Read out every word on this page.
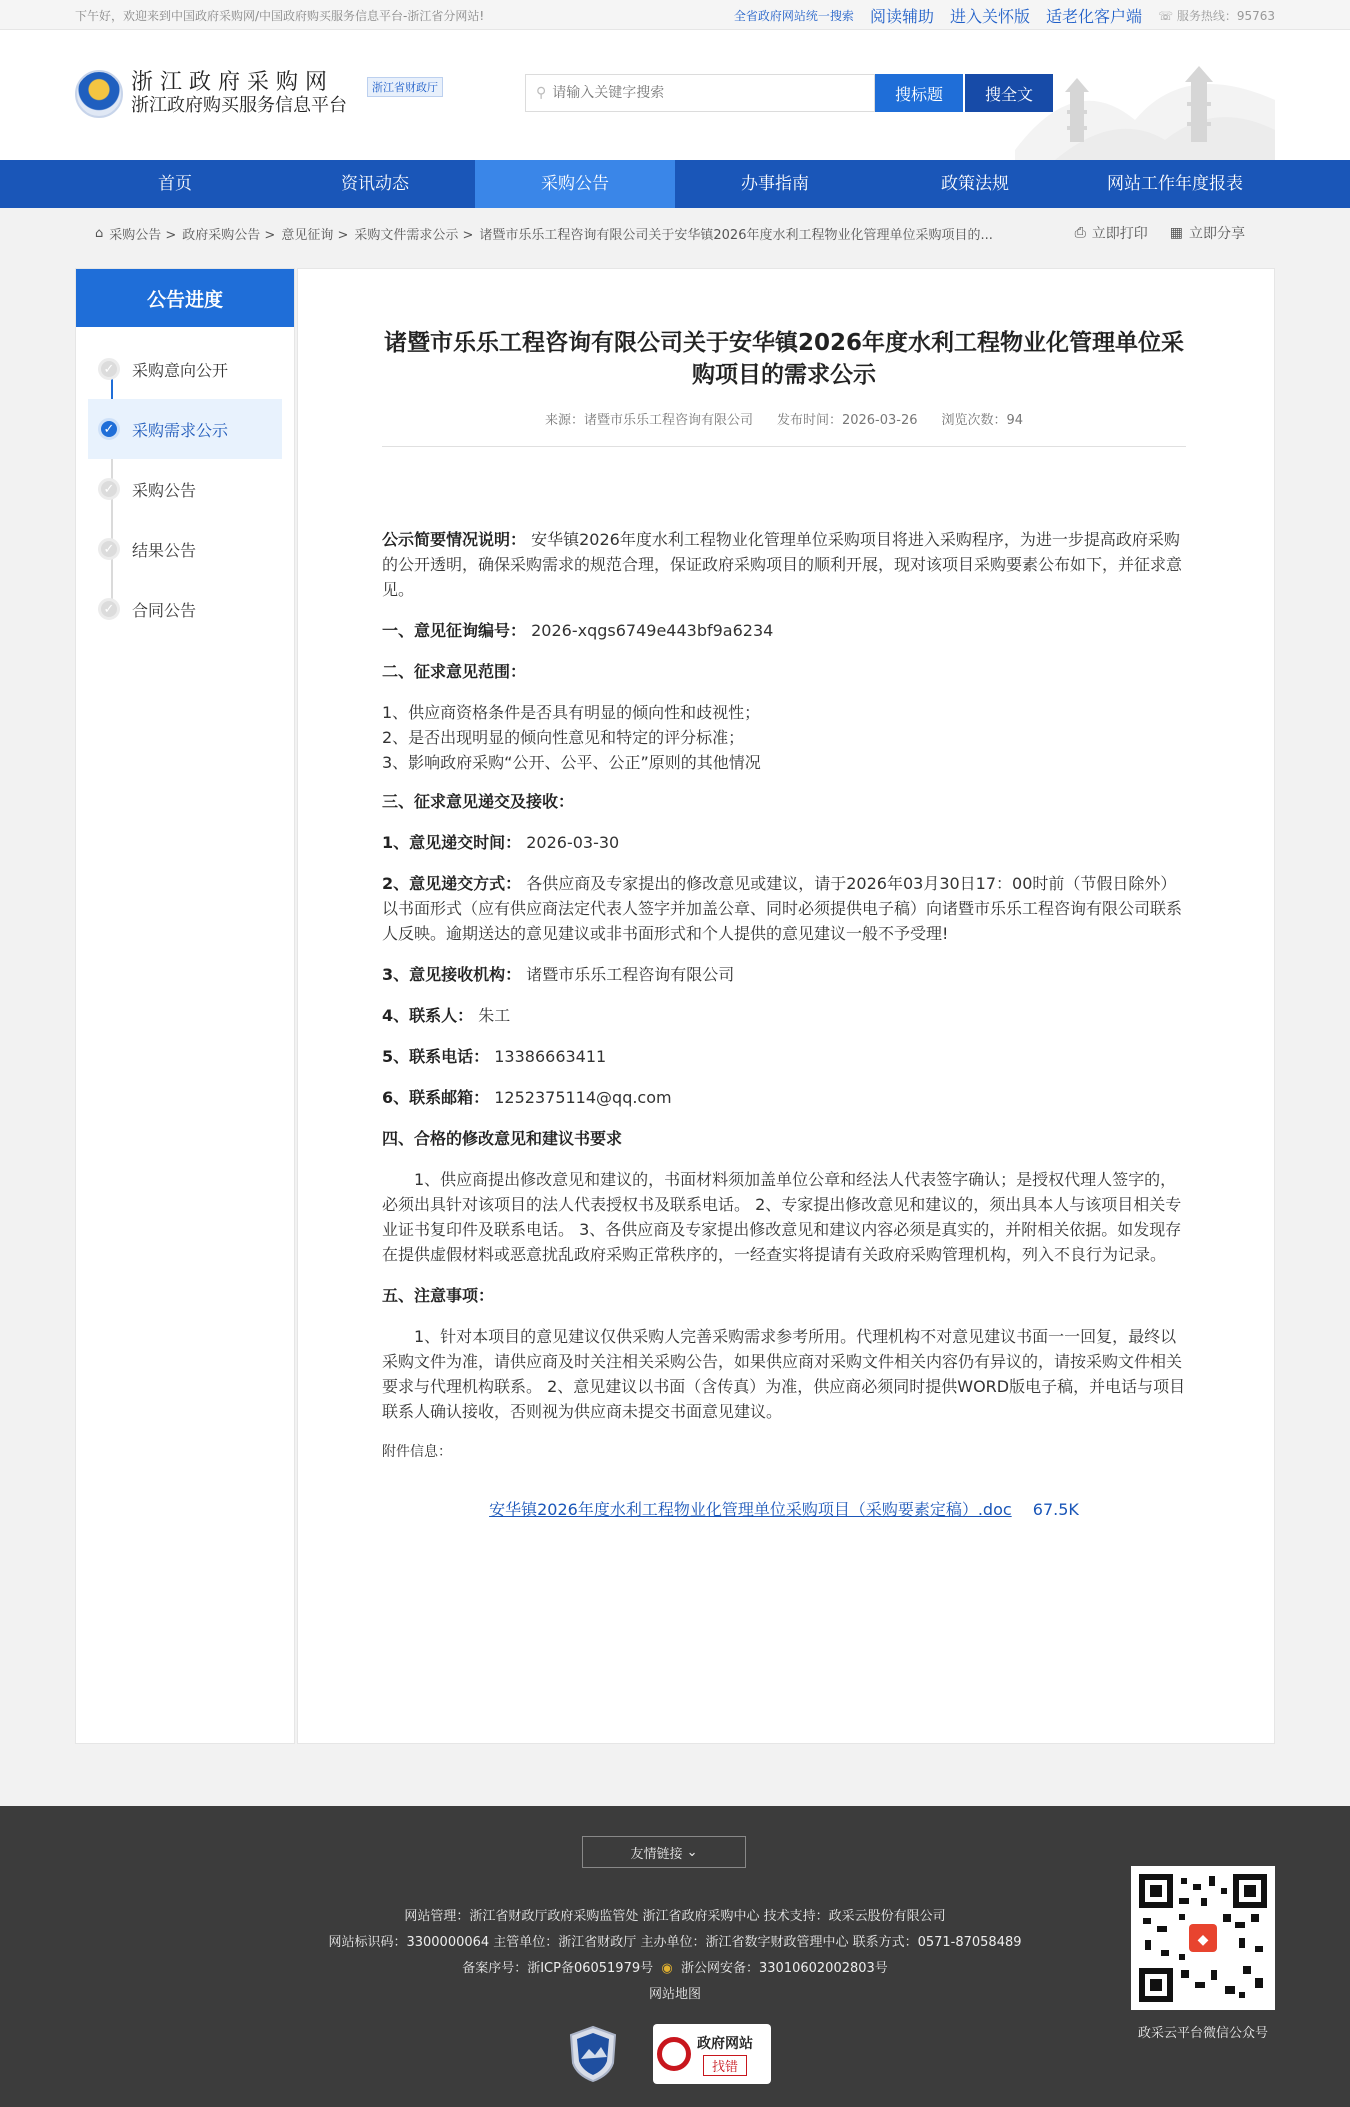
下午好，欢迎来到中国政府采购网/中国政府购买服务信息平台-浙江省分网站!	全省政府网站统一搜索 阅读辅助 进入关怀版 适老化客户端 ☏ 服务热线：95763
浙江政府采购网
浙江政府购买服务信息平台
浙江省财政厅	⚲
请输入关键字搜索	搜标题	搜全文
首页	资讯动态	采购公告	办事指南	政策法规	网站工作年度报表
⌂ 采购公告 > 政府采购公告 > 意见征询 > 采购文件需求公示 > 诸暨市乐乐工程咨询有限公司关于安华镇2026年度水利工程物业化管理单位采购项目的...	⎙ 立即打印 ▦ 立即分享
公告进度
✓	采购意向公开
✓	采购需求公示
✓	采购公告
✓	结果公告
✓	合同公告
诸暨市乐乐工程咨询有限公司关于安华镇2026年度水利工程物业化管理单位采购项目的需求公示
来源：诸暨市乐乐工程咨询有限公司 发布时间：2026-03-26 浏览次数：94

公示简要情况说明： 安华镇2026年度水利工程物业化管理单位采购项目将进入采购程序，为进一步提高政府采购的公开透明，确保采购需求的规范合理，保证政府采购项目的顺利开展，现对该项目采购要素公布如下，并征求意见。

一、意见征询编号： 2026-xqgs6749e443bf9a6234

二、征求意见范围：

1、供应商资格条件是否具有明显的倾向性和歧视性；
2、是否出现明显的倾向性意见和特定的评分标准；
3、影响政府采购“公开、公平、公正”原则的其他情况

三、征求意见递交及接收：

1、意见递交时间： 2026-03-30

2、意见递交方式： 各供应商及专家提出的修改意见或建议，请于2026年03月30日17：00时前（节假日除外）以书面形式（应有供应商法定代表人签字并加盖公章、同时必须提供电子稿）向诸暨市乐乐工程咨询有限公司联系人反映。逾期送达的意见建议或非书面形式和个人提供的意见建议一般不予受理!

3、意见接收机构： 诸暨市乐乐工程咨询有限公司

4、联系人： 朱工

5、联系电话： 13386663411

6、联系邮箱： 1252375114@qq.com

四、合格的修改意见和建议书要求

1、供应商提出修改意见和建议的，书面材料须加盖单位公章和经法人代表签字确认；是授权代理人签字的，必须出具针对该项目的法人代表授权书及联系电话。 2、专家提出修改意见和建议的，须出具本人与该项目相关专业证书复印件及联系电话。 3、各供应商及专家提出修改意见和建议内容必须是真实的，并附相关依据。如发现存在提供虚假材料或恶意扰乱政府采购正常秩序的，一经查实将提请有关政府采购管理机构，列入不良行为记录。

五、注意事项：

1、针对本项目的意见建议仅供采购人完善采购需求参考所用。代理机构不对意见建议书面一一回复，最终以采购文件为准，请供应商及时关注相关采购公告，如果供应商对采购文件相关内容仍有异议的，请按采购文件相关要求与代理机构联系。 2、意见建议以书面（含传真）为准，供应商必须同时提供WORD版电子稿，并电话与项目联系人确认接收，否则视为供应商未提交书面意见建议。

附件信息：
安华镇2026年度水利工程物业化管理单位采购项目（采购要素定稿）.doc 67.5K
友情链接 ⌄
网站管理：浙江省财政厅政府采购监管处 浙江省政府采购中心 技术支持：政采云股份有限公司
网站标识码：3300000064 主管单位：浙江省财政厅 主办单位：浙江省数字财政管理中心 联系方式：0571-87058489
备案序号：浙ICP备06051979号  ◉  浙公网安备：33010602002803号
网站地图
◆
政采云平台微信公众号
政府网站
找错
